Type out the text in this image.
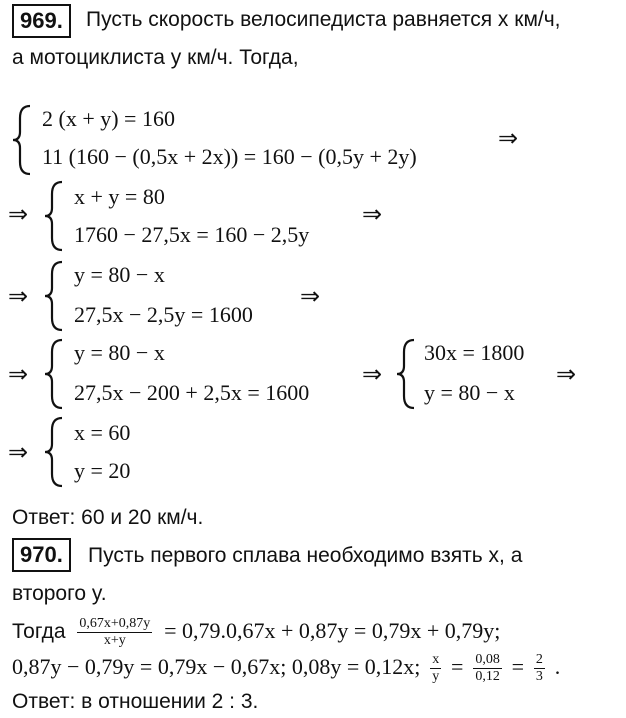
969.	Пусть скорость велосипедиста равняется x км/ч,
а мотоциклиста y км/ч. Тогда,
2 (x + y) = 160
11 (160 − (0,5x + 2x)) = 160 − (0,5y + 2y)
⇒
⇒
x + y = 80
1760 − 27,5x = 160 − 2,5y
⇒
⇒
y = 80 − x
27,5x − 2,5y = 1600
⇒
⇒
y = 80 − x
27,5x − 200 + 2,5x = 1600
⇒
30x = 1800
y = 80 − x
⇒
⇒
x = 60
y = 20
Ответ: 60 и 20 км/ч.
970.	Пусть первого сплава необходимо взять x, а
второго y.
Тогда $\frac{0,67x+0,87y}{x+y} = 0,79.0,67x + 0,87y = 0,79x + 0,79y$;
0,87y − 0,79y = 0,79x − 0,67x; 0,08y = 0,12x; $\frac{x}{y} = \frac{0,08}{0,12} = \frac{2}{3}$ .
Ответ: в отношении 2 : 3.
